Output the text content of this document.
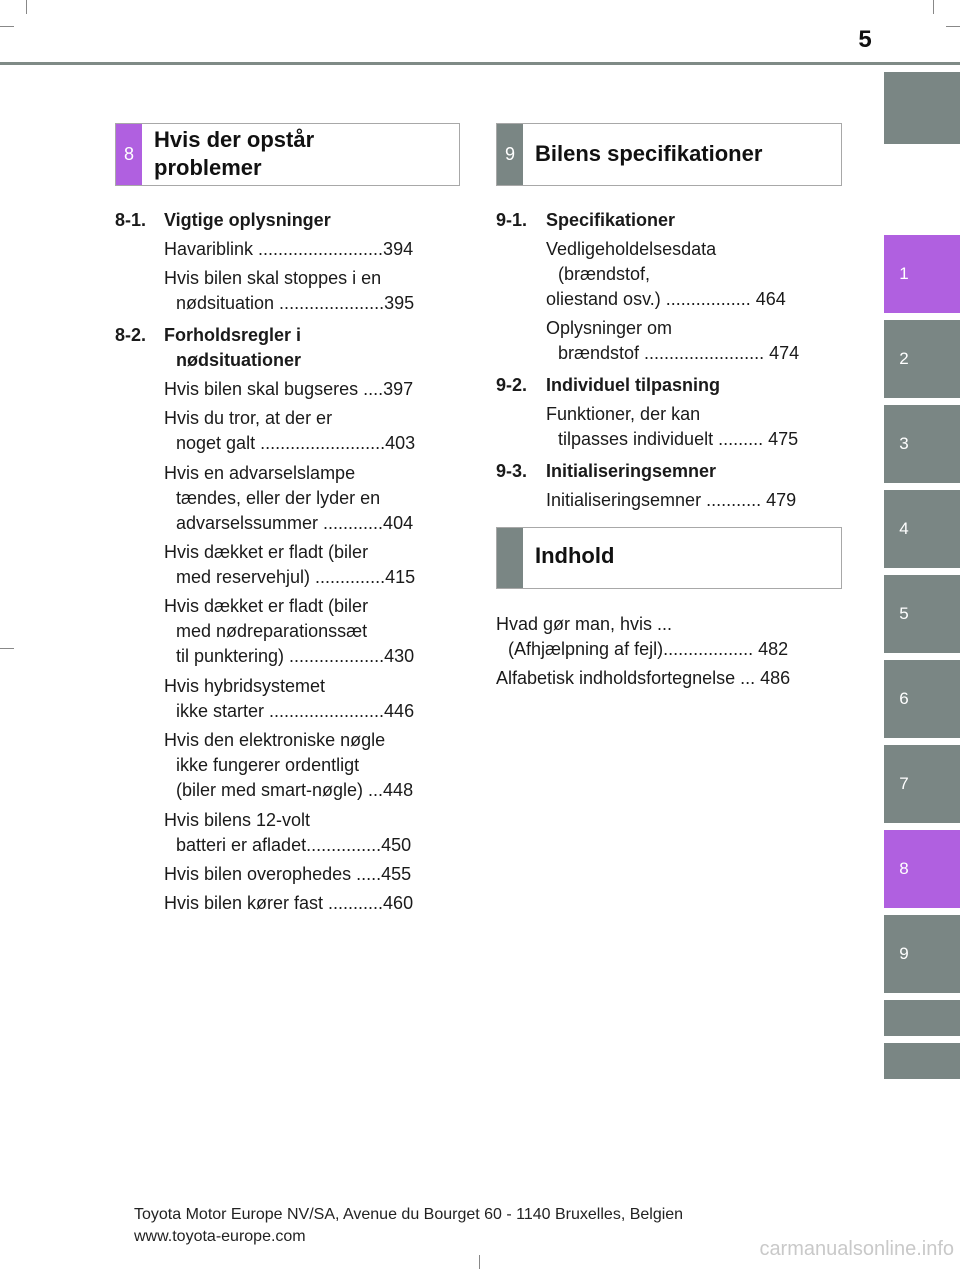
5
1
2
3
4
5
6
7
8
9
8
Hvis der opstår
problemer
9 Bilens specifikationer
Indhold
8-1. Vigtige oplysninger
Havariblink .........................394
Hvis bilen skal stoppes i en
nødsituation .....................395
8-2. Forholdsregler i
nødsituationer
Hvis bilen skal bugseres ....397
Hvis du tror, at der er
noget galt .........................403
Hvis en advarselslampe
tændes, eller der lyder en
advarselssummer ............404
Hvis dækket er fladt (biler
med reservehjul) ..............415
Hvis dækket er fladt (biler
med nødreparationssæt
til punktering) ...................430
Hvis hybridsystemet
ikke starter .......................446
Hvis den elektroniske nøgle
ikke fungerer ordentligt
(biler med smart-nøgle) ...448
Hvis bilens 12-volt
batteri er afladet...............450
Hvis bilen overophedes .....455
Hvis bilen kører fast ...........460
9-1. Specifikationer
Vedligeholdelsesdata
(brændstof,
oliestand osv.) ................. 464
Oplysninger om
brændstof ........................ 474
9-2. Individuel tilpasning
Funktioner, der kan
tilpasses individuelt ......... 475
9-3. Initialiseringsemner
Initialiseringsemner ........... 479
Hvad gør man, hvis ...
(Afhjælpning af fejl).................. 482
Alfabetisk indholdsfortegnelse ... 486
Toyota Motor Europe NV/SA, Avenue du Bourget 60 - 1140 Bruxelles, Belgien
www.toyota-europe.com
carmanualsonline.info
